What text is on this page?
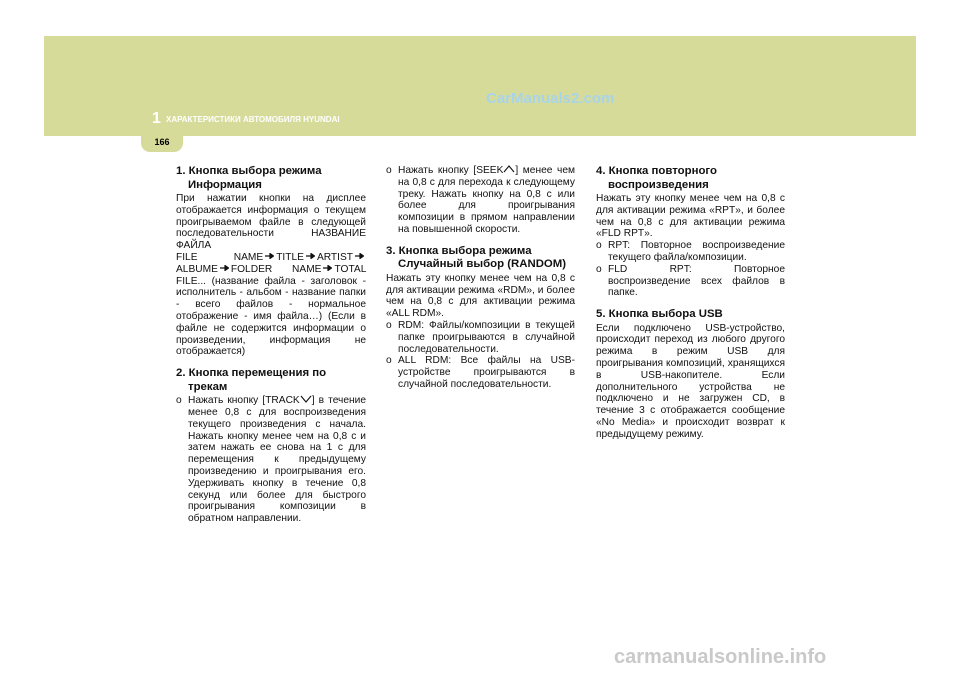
1 ХАРАКТЕРИСТИКИ АВТОМОБИЛЯ HYUNDAI
CarManuals2.com
166
1. Кнопка выбора режима Информация

При нажатии кнопки на дисплее отображается информация о текущем проигрываемом файле в следующей последовательности НАЗВАНИЕ ФАЙЛА
FILE NAME TITLE ARTISTALBUME FOLDER NAME TOTAL FILE... (название файла - заголовок - исполнитель - альбом - название папки - всего файлов - нормальное отображение - имя файла…) (Если в файле не содержится информации о произведении, информация не отображается)

2. Кнопка перемещения по трекам
o Нажать кнопку [TRACK ] в течение менее 0,8 с для воспроизведения текущего произведения с начала. Нажать кнопку менее чем на 0,8 с и затем нажать ее снова на 1 с для перемещения к предыдущему произведению и проигрывания его. Удерживать кнопку в течение 0,8 секунд или более для быстрого проигрывания композиции в обратном направлении.
o Нажать кнопку [SEEK ] менее чем на 0,8 с для перехода к следующему треку. Нажать кнопку на 0,8 с или более для проигрывания композиции в прямом направлении на повышенной скорости.
3. Кнопка выбора режима Случайный выбор (RANDOM)

Нажать эту кнопку менее чем на 0,8 с для активации режима «RDM», и более чем на 0,8 с для активации режима «ALL RDM».

o RDM: Файлы/композиции в текущей папке проигрываются в случайной последовательности.
o ALL RDM: Все файлы на USB-устройстве проигрываются в случайной последовательности.
4. Кнопка повторного воспроизведения

Нажать эту кнопку менее чем на 0,8 с для активации режима «RPT», и более чем на 0,8 с для активации режима «FLD RPT».

o RPT: Повторное воспроизведение текущего файла/композиции.
o FLD RPT: Повторное воспроизведение всех файлов в папке.
5. Кнопка выбора USB

Если подключено USB-устройство, происходит переход из любого другого режима в режим USB для проигрывания композиций, хранящихся в USB-накопителе. Если дополнительного устройства не подключено и не загружен CD, в течение 3 с отображается сообщение «No Media» и происходит возврат к предыдущему режиму.

carmanualsonline.info
